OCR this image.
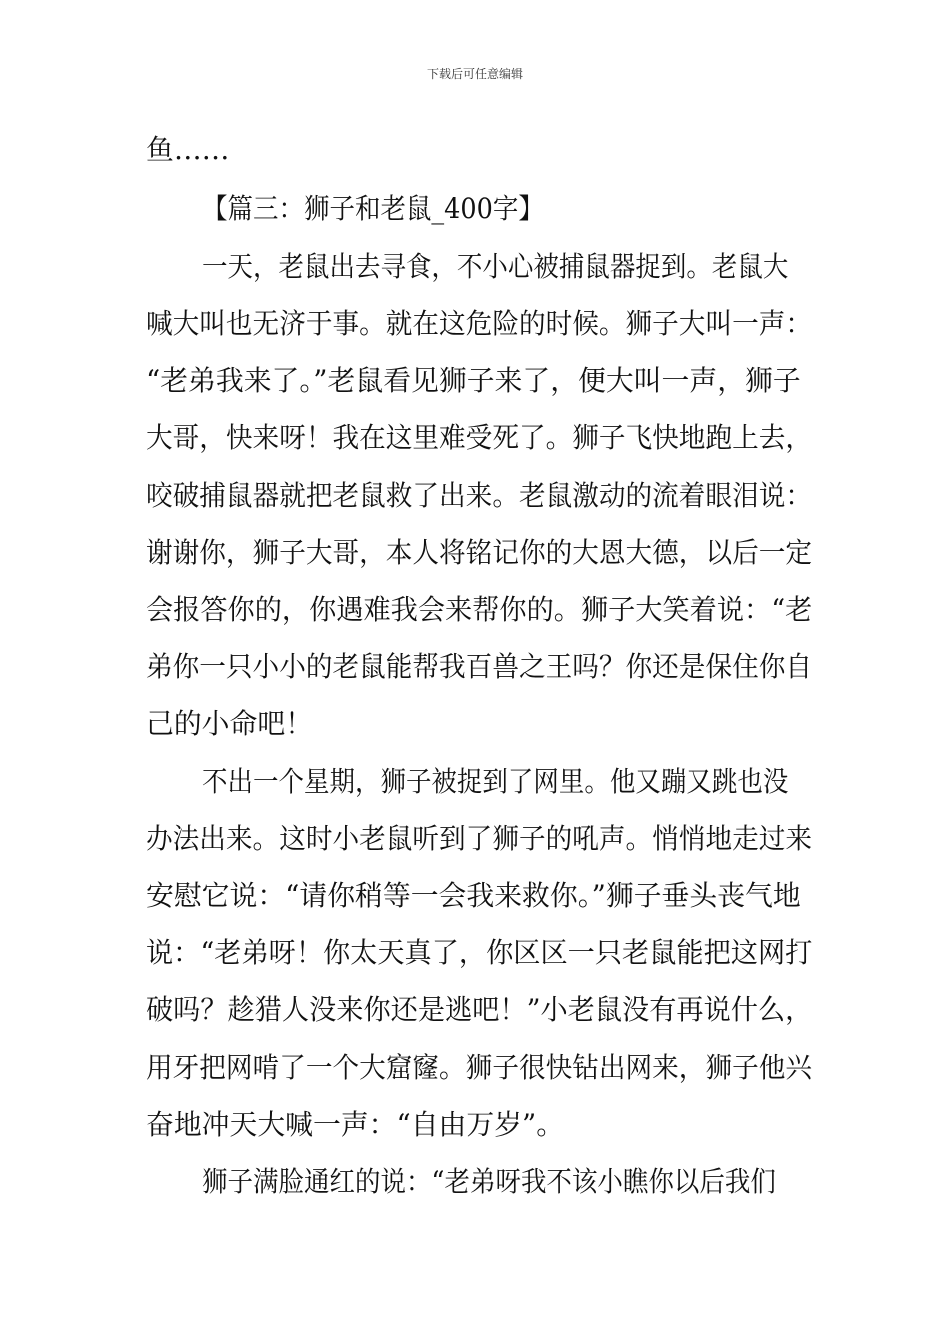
下载后可任意编辑
鱼……
【篇三：狮子和老鼠_400字】
一天，老鼠出去寻食，不小心被捕鼠器捉到。老鼠大
喊大叫也无济于事。就在这危险的时候。狮子大叫一声：
“老弟我来了。”老鼠看见狮子来了，便大叫一声，狮子
大哥，快来呀！我在这里难受死了。狮子飞快地跑上去，
咬破捕鼠器就把老鼠救了出来。老鼠激动的流着眼泪说：
谢谢你，狮子大哥，本人将铭记你的大恩大德，以后一定
会报答你的，你遇难我会来帮你的。狮子大笑着说：“老
弟你一只小小的老鼠能帮我百兽之王吗？你还是保住你自
己的小命吧！
不出一个星期，狮子被捉到了网里。他又蹦又跳也没
办法出来。这时小老鼠听到了狮子的吼声。悄悄地走过来
安慰它说：“请你稍等一会我来救你。”狮子垂头丧气地
说：“老弟呀！你太天真了，你区区一只老鼠能把这网打
破吗？趁猎人没来你还是逃吧！”小老鼠没有再说什么，
用牙把网啃了一个大窟窿。狮子很快钻出网来，狮子他兴
奋地冲天大喊一声：“自由万岁”。
狮子满脸通红的说：“老弟呀我不该小瞧你以后我们
